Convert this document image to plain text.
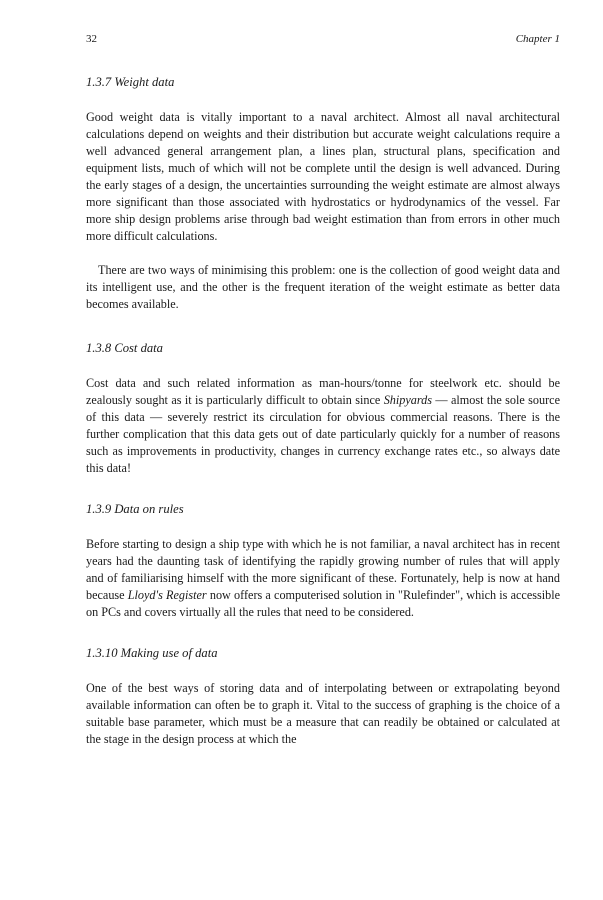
32	Chapter 1
1.3.7 Weight data

Good weight data is vitally important to a naval architect. Almost all naval architectural calculations depend on weights and their distribution but accurate weight calculations require a well advanced general arrangement plan, a lines plan, structural plans, specification and equipment lists, much of which will not be complete until the design is well advanced. During the early stages of a design, the uncertainties surrounding the weight estimate are almost always more significant than those associated with hydrostatics or hydrodynamics of the vessel. Far more ship design problems arise through bad weight estimation than from errors in other much more difficult calculations.

There are two ways of minimising this problem: one is the collection of good weight data and its intelligent use, and the other is the frequent iteration of the weight estimate as better data becomes available.

1.3.8 Cost data

Cost data and such related information as man-hours/tonne for steelwork etc. should be zealously sought as it is particularly difficult to obtain since Shipyards — almost the sole source of this data — severely restrict its circulation for obvious commercial reasons. There is the further complication that this data gets out of date particularly quickly for a number of reasons such as improvements in productivity, changes in currency exchange rates etc., so always date this data!

1.3.9 Data on rules

Before starting to design a ship type with which he is not familiar, a naval architect has in recent years had the daunting task of identifying the rapidly growing number of rules that will apply and of familiarising himself with the more significant of these. Fortunately, help is now at hand because Lloyd's Register now offers a computerised solution in "Rulefinder", which is accessible on PCs and covers virtually all the rules that need to be considered.

1.3.10 Making use of data

One of the best ways of storing data and of interpolating between or extrapolating beyond available information can often be to graph it. Vital to the success of graphing is the choice of a suitable base parameter, which must be a measure that can readily be obtained or calculated at the stage in the design process at which the
